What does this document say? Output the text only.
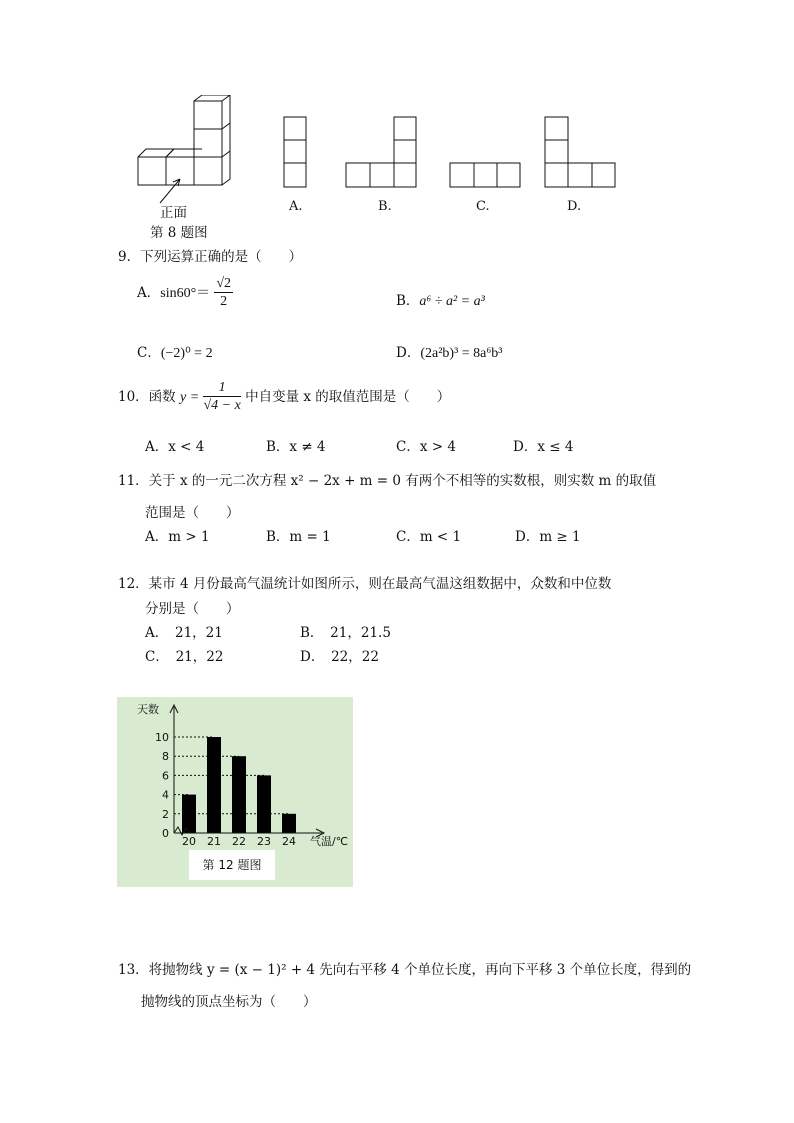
正面
第 8 题图
A.	B.	C.	D.
9．下列运算正确的是（　　）
A．$\sin 60^\circ= \frac{√2}{2}$	B．a⁶ ÷ a² = a³
C．(−2)⁰ = 2	D．(2a²b)³ = 8a⁶b³
10．函数 $y = \frac{1}{√4 - x}$ 中自变量 x 的取值范围是（　　）
A．x < 4	B．x ≠ 4	C．x > 4	D．x ≤ 4
11．关于 x 的一元二次方程 x² − 2x + m = 0 有两个不相等的实数根，则实数 m 的取值
范围是（　　）
A．m > 1	B．m = 1	C．m < 1	D．m ≥ 1
12．某市 4 月份最高气温统计如图所示，则在最高气温这组数据中，众数和中位数
分别是（　　）
A．　21，21	B．　21，21.5
C．　21，22	D．　22，22
0
2
4
6
8
10
20 21 22 23 24
天数
气温/℃
第 12 题图
13．将抛物线 y = (x − 1)² + 4 先向右平移 4 个单位长度，再向下平移 3 个单位长度，得到的
抛物线的顶点坐标为（　　）
